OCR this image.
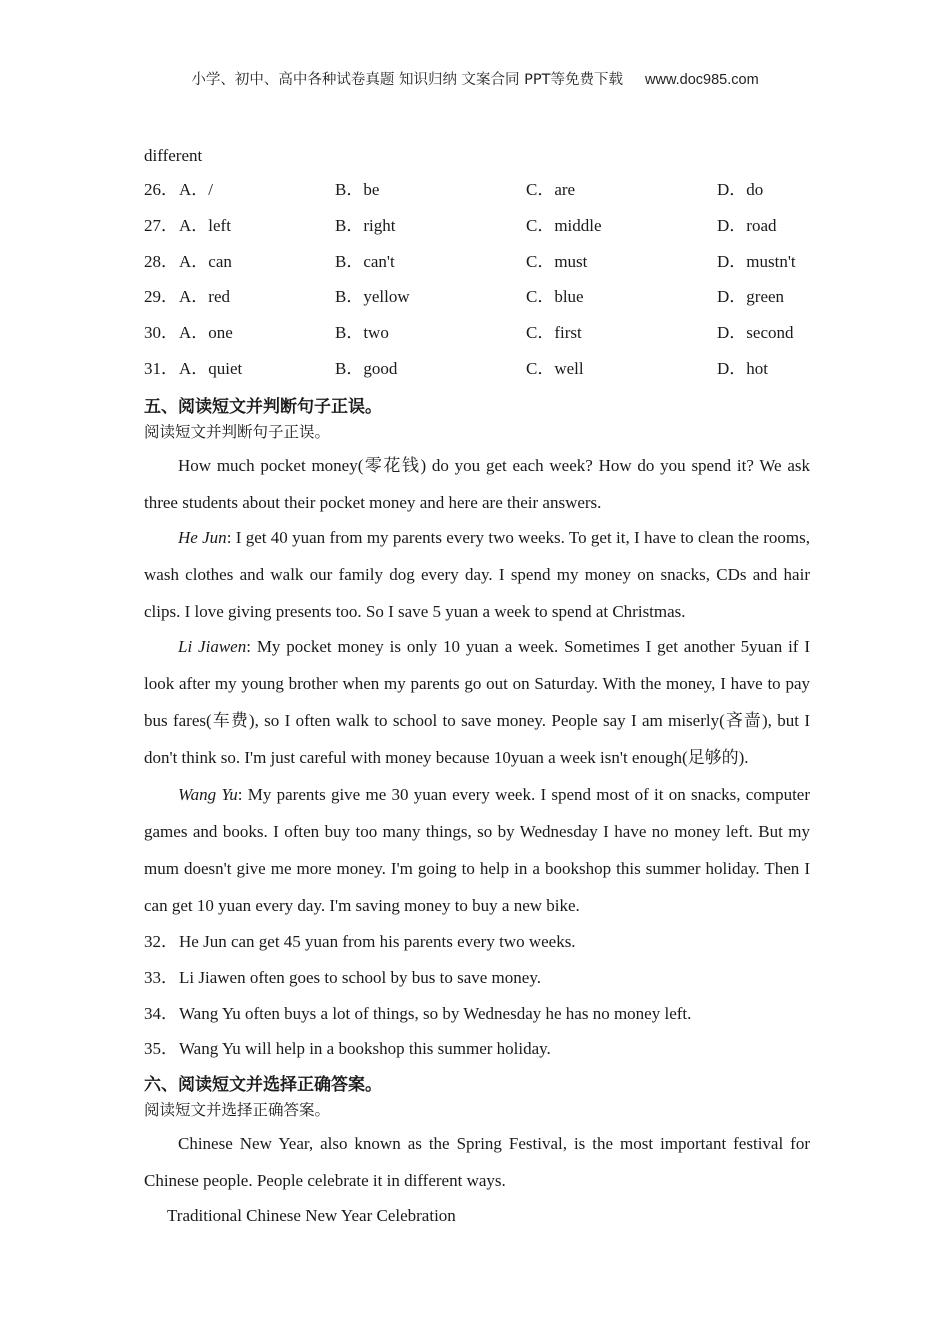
小学、初中、高中各种试卷真题 知识归纳 文案合同 PPT等免费下载 www.doc985.com
different
26． A．/	B．be	C．are	D．do
27． A．left	B．right	C．middle	D．road
28． A．can	B．can't	C．must	D．mustn't
29． A．red	B．yellow	C．blue	D．green
30． A．one	B．two	C．first	D．second
31． A．quiet	B．good	C．well	D．hot
五、阅读短文并判断句子正误。
阅读短文并判断句子正误。
How much pocket money(零花钱) do you get each week? How do you spend it? We ask three students about their pocket money and here are their answers.
He Jun: I get 40 yuan from my parents every two weeks. To get it, I have to clean the rooms, wash clothes and walk our family dog every day. I spend my money on snacks, CDs and hair clips. I love giving presents too. So I save 5 yuan a week to spend at Christmas.
Li Jiawen: My pocket money is only 10 yuan a week. Sometimes I get another 5yuan if I look after my young brother when my parents go out on Saturday. With the money, I have to pay bus fares(车费), so I often walk to school to save money. People say I am miserly(吝啬), but I don't think so. I'm just careful with money because 10yuan a week isn't enough(足够的).
Wang Yu: My parents give me 30 yuan every week. I spend most of it on snacks, computer games and books. I often buy too many things, so by Wednesday I have no money left. But my mum doesn't give me more money. I'm going to help in a bookshop this summer holiday. Then I can get 10 yuan every day. I'm saving money to buy a new bike.
32．He Jun can get 45 yuan from his parents every two weeks.
33．Li Jiawen often goes to school by bus to save money.
34．Wang Yu often buys a lot of things, so by Wednesday he has no money left.
35．Wang Yu will help in a bookshop this summer holiday.
六、阅读短文并选择正确答案。
阅读短文并选择正确答案。
Chinese New Year, also known as the Spring Festival, is the most important festival for Chinese people. People celebrate it in different ways.
Traditional Chinese New Year Celebration
